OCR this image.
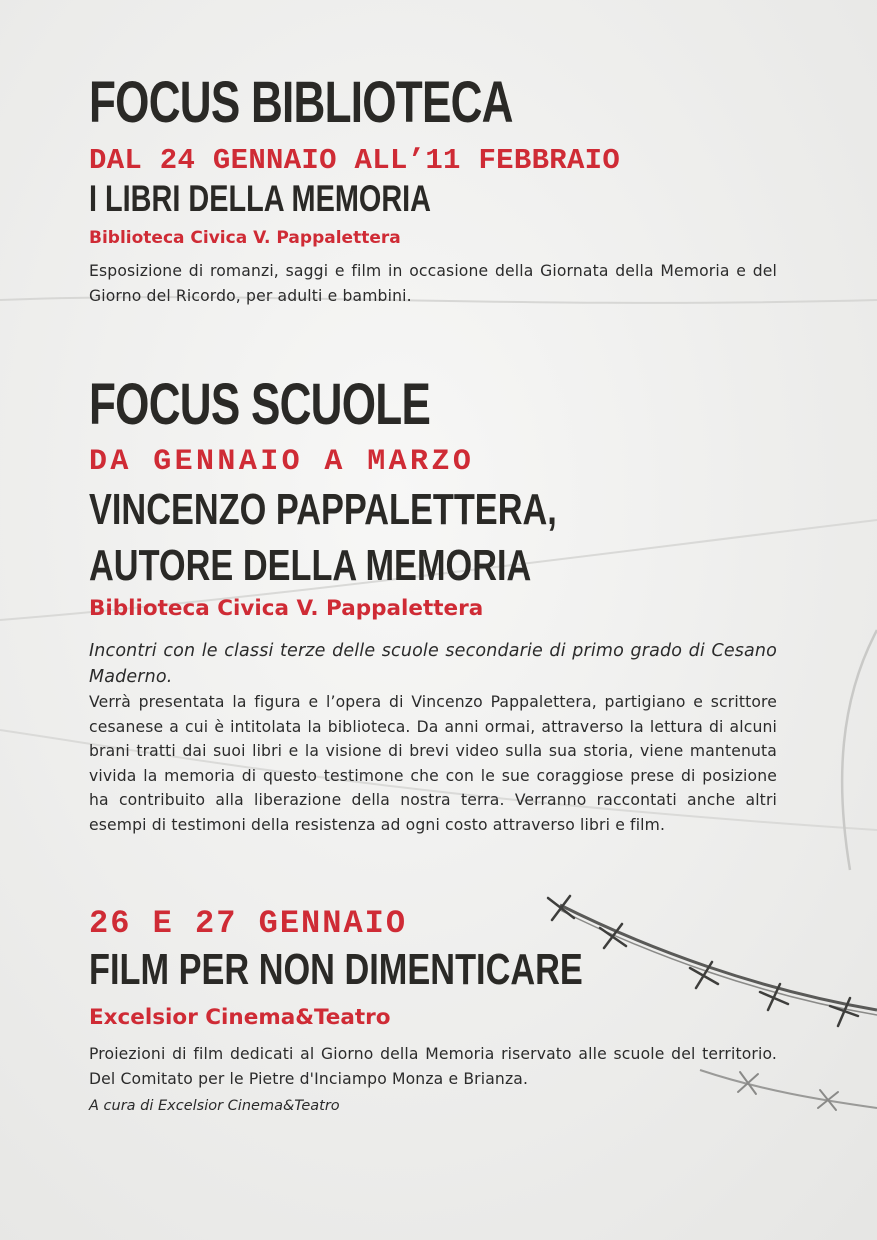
FOCUS BIBLIOTECA
DAL 24 GENNAIO ALL’11 FEBBRAIO
I LIBRI DELLA MEMORIA
Biblioteca Civica V. Pappalettera

Esposizione di romanzi, saggi e film in occasione della Giornata della Memoria e del Giorno del Ricordo, per adulti e bambini.

FOCUS SCUOLE
DA GENNAIO A MARZO
VINCENZO PAPPALETTERA,
AUTORE DELLA MEMORIA
Biblioteca Civica V. Pappalettera
Incontri con le classi terze delle scuole secondarie di primo grado di Cesano Maderno.
Verrà presentata la figura e l’opera di Vincenzo Pappalettera, partigiano e scrittore cesanese a cui è intitolata la biblioteca. Da anni ormai, attraverso la lettura di alcuni brani tratti dai suoi libri e la visione di brevi video sulla sua storia, viene mantenuta vivida la memoria di questo testimone che con le sue coraggiose prese di posizione ha contribuito alla liberazione della nostra terra. Verranno raccontati anche altri esempi di testimoni della resistenza ad ogni costo attraverso libri e film.
26 E 27 GENNAIO
FILM PER NON DIMENTICARE
Excelsior Cinema&Teatro

Proiezioni di film dedicati al Giorno della Memoria riservato alle scuole del territorio. Del Comitato per le Pietre d'Inciampo Monza e Brianza.

A cura di Excelsior Cinema&Teatro
